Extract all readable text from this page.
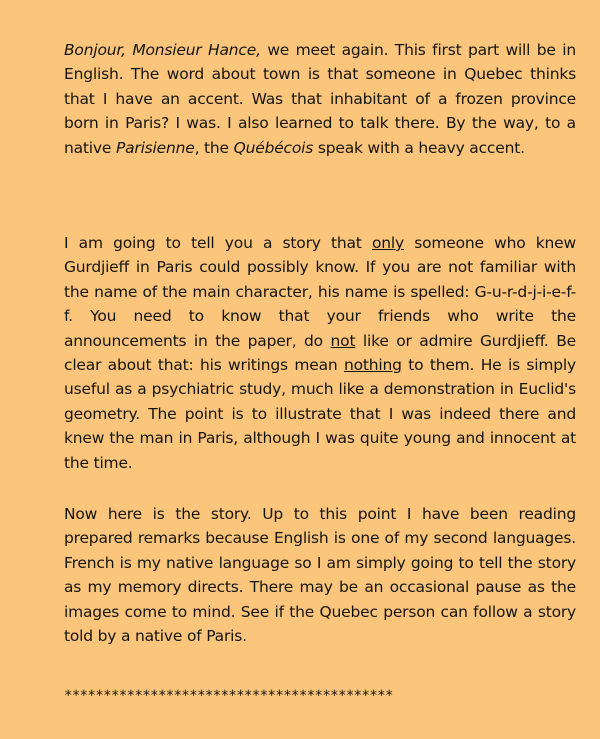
Bonjour, Monsieur Hance, we meet again. This first part will be in English. The word about town is that someone in Quebec thinks that I have an accent. Was that inhabitant of a frozen province born in Paris? I was. I also learned to talk there. By the way, to a native Parisienne, the Québécois speak with a heavy accent.

I am going to tell you a story that only someone who knew Gurdjieff in Paris could possibly know. If you are not familiar with the name of the main character, his name is spelled: G-u-r-d-j-i-e-f-f. You need to know that your friends who write the announcements in the paper, do not like or admire Gurdjieff. Be clear about that: his writings mean nothing to them. He is simply useful as a psychiatric study, much like a demonstration in Euclid's geometry. The point is to illustrate that I was indeed there and knew the man in Paris, although I was quite young and innocent at the time.

Now here is the story. Up to this point I have been reading prepared remarks because English is one of my second languages. French is my native language so I am simply going to tell the story as my memory directs. There may be an occasional pause as the images come to mind. See if the Quebec person can follow a story told by a native of Paris.

******************************************
